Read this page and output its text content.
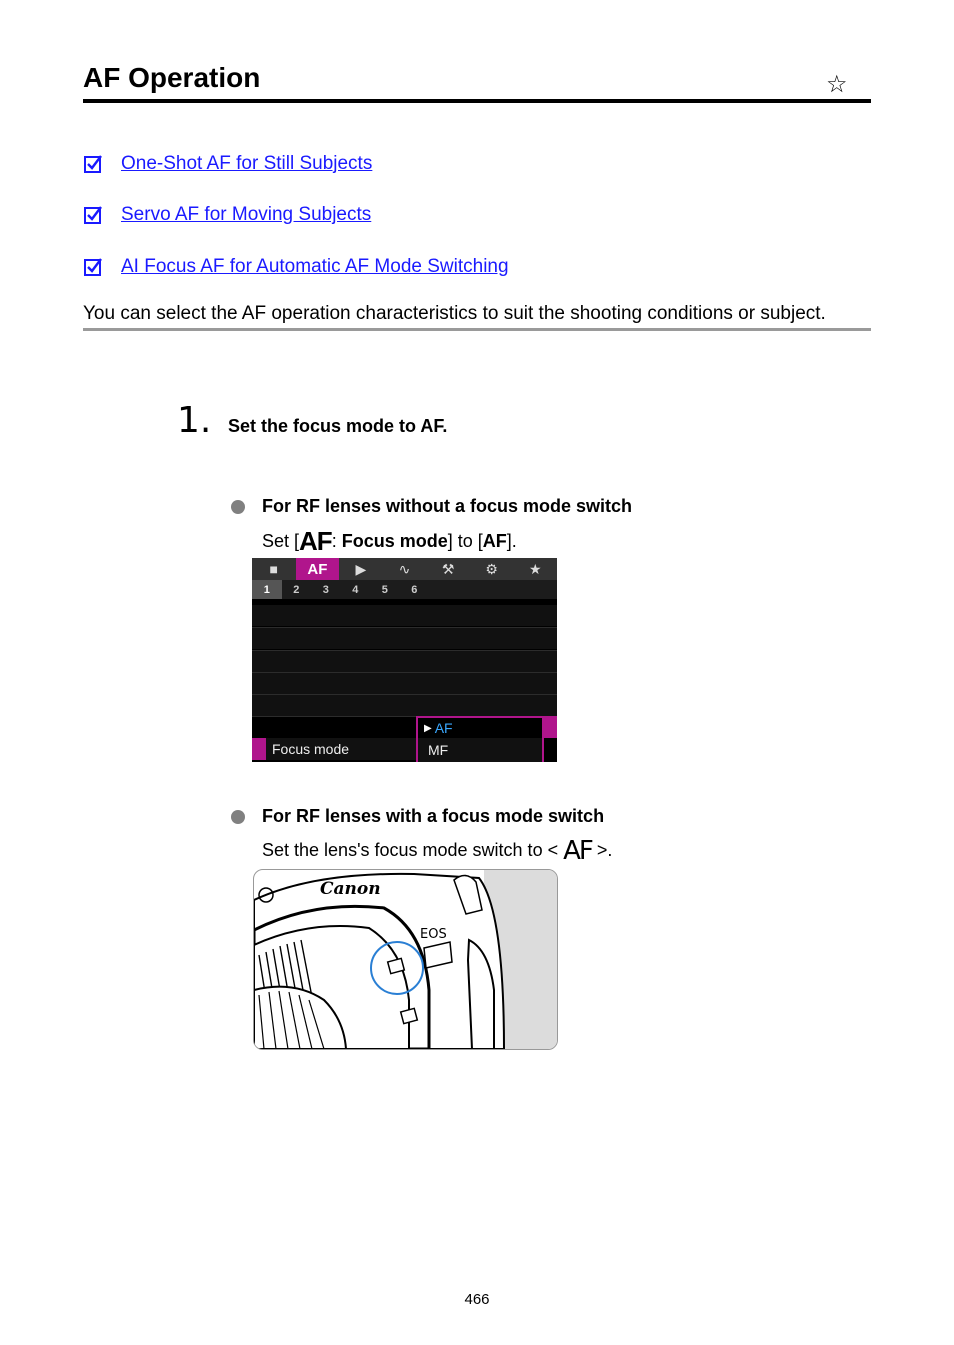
AF Operation	☆
One-Shot AF for Still Subjects
Servo AF for Moving Subjects
AI Focus AF for Automatic AF Mode Switching
You can select the AF operation characteristics to suit the shooting conditions or subject.
1. Set the focus mode to AF.
For RF lenses without a focus mode switch
Set [AF: Focus mode] to [AF].
■	AF	▶	∿	⚒	⚙	★
1	2	3	4	5	6
Focus mode
▶ AF
MF
For RF lenses with a focus mode switch
Set the lens's focus mode switch to < AF >.
Canon
EOS
466
